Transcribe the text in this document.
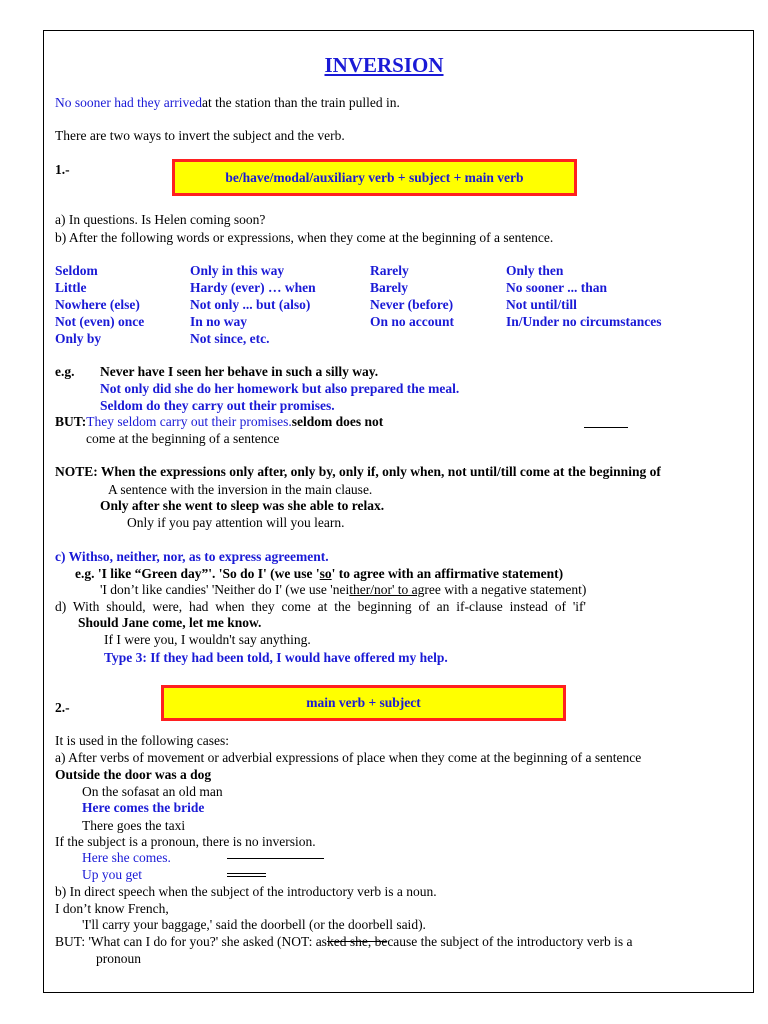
INVERSION
No sooner had they arrivedat the station than the train pulled in.
There are two ways to invert the subject and the verb.
1.-	be/have/modal/auxiliary verb + subject + main verb
a) In questions. Is Helen coming soon?
b) After the following words or expressions, when they come at the beginning of a sentence.
Seldom	Only in this way	Rarely	Only then
Little	Hardy (ever) … when	Barely	No sooner ... than
Nowhere (else)	Not only ... but (also)	Never (before)	Not until/till
Not (even) once	In no way	On no account	In/Under no circumstances
Only by	Not since, etc.
e.g. Never have I seen her behave in such a silly way.
Not only did she do her homework but also prepared the meal.
Seldom do they carry out their promises.
BUT:They seldom carry out their promises.seldom does not
come at the beginning of a sentence
NOTE: When the expressions only after, only by, only if, only when, not until/till come at the beginning of
A sentence with the inversion in the main clause.
Only after she went to sleep was she able to relax.
Only if you pay attention will you learn.
c) Withso, neither, nor, as to express agreement.
e.g. 'I like “Green day”'. 'So do I' (we use 'so' to agree with an affirmative statement)
'I don’t like candies' 'Neither do I' (we use 'neither/nor' to agree with a negative statement)
d) With should, were, had when they come at the beginning of an if-clause instead of 'if'
Should Jane come, let me know.
If I were you, I wouldn't say anything.
Type 3: If they had been told, I would have offered my help.
2.-	main verb + subject
It is used in the following cases:
a) After verbs of movement or adverbial expressions of place when they come at the beginning of a sentence
Outside the door was a dog
On the sofasat an old man
Here comes the bride
There goes the taxi
If the subject is a pronoun, there is no inversion.
Here she comes.
Up you get
b) In direct speech when the subject of the introductory verb is a noun.
I don’t know French,
'I'll carry your baggage,' said the doorbell (or the doorbell said).
BUT: 'What can I do for you?' she asked (NOT: asked she, because the subject of the introductory verb is a
pronoun
